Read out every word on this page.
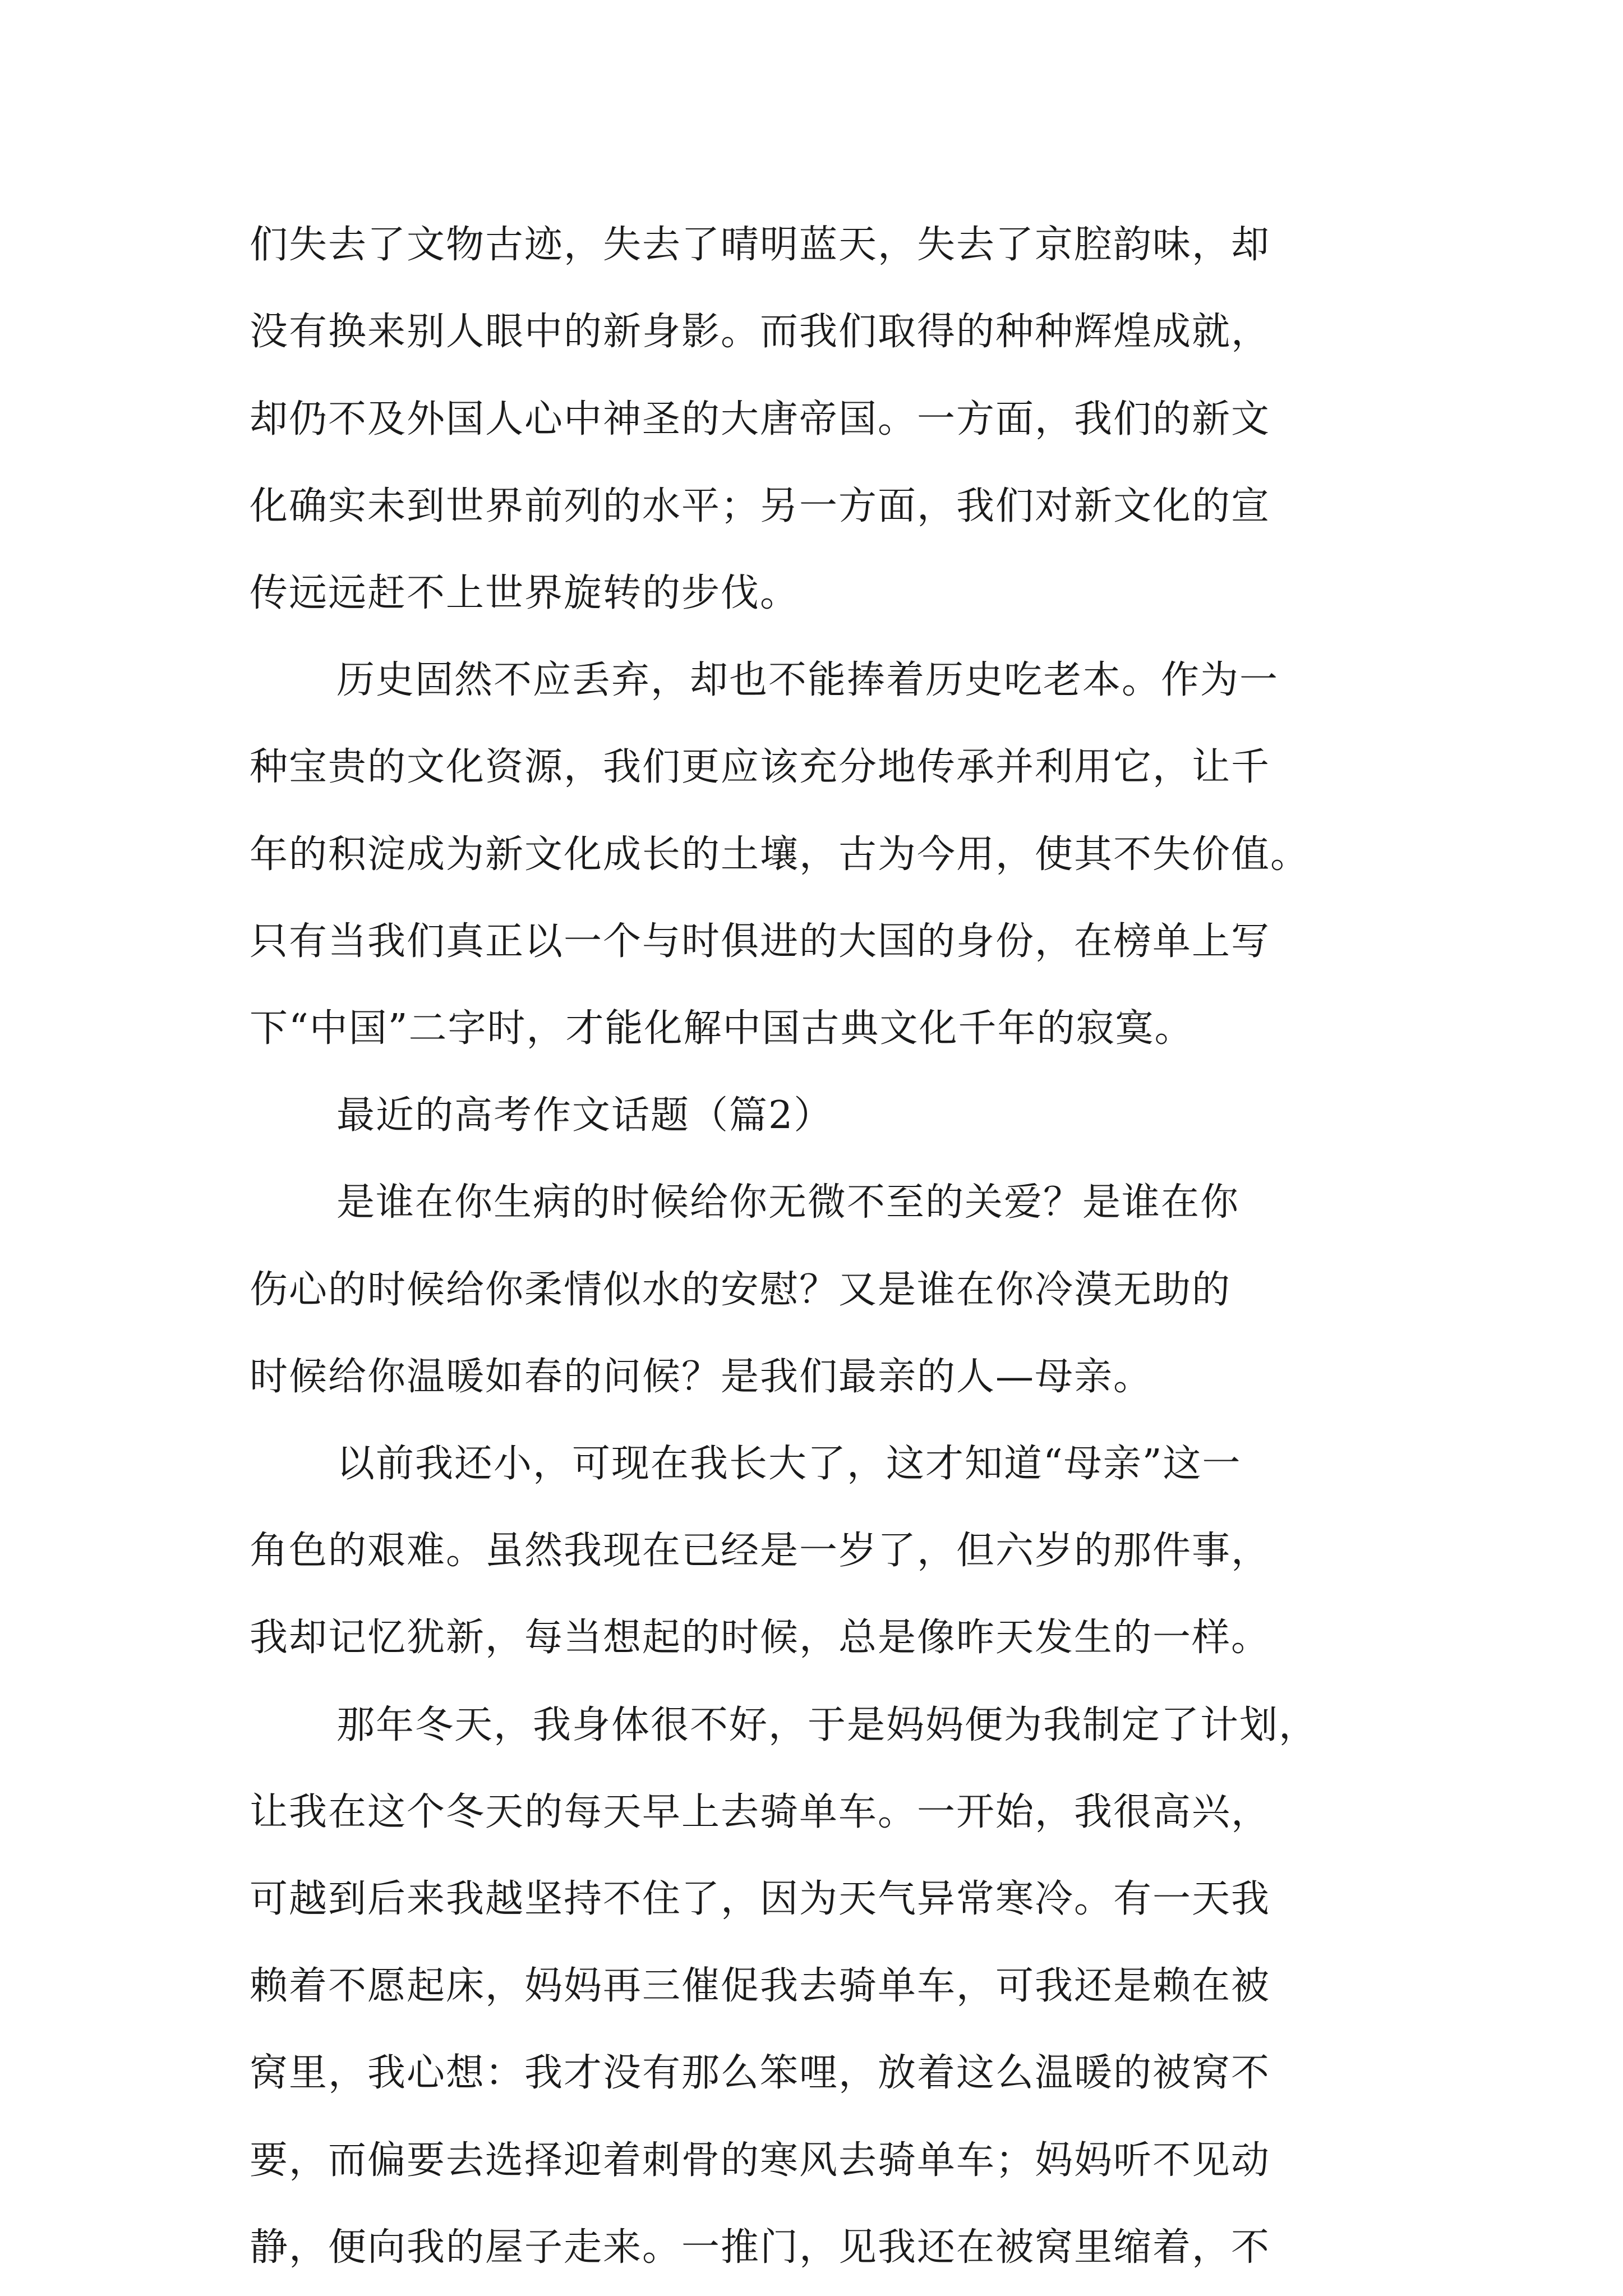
们失去了文物古迹，失去了晴明蓝天，失去了京腔韵味，却
没有换来别人眼中的新身影。而我们取得的种种辉煌成就，
却仍不及外国人心中神圣的大唐帝国。一方面，我们的新文
化确实未到世界前列的水平；另一方面，我们对新文化的宣
传远远赶不上世界旋转的步伐。
历史固然不应丢弃，却也不能捧着历史吃老本。作为一
种宝贵的文化资源，我们更应该充分地传承并利用它，让千
年的积淀成为新文化成长的土壤，古为今用，使其不失价值。
只有当我们真正以一个与时俱进的大国的身份，在榜单上写
下“中国”二字时，才能化解中国古典文化千年的寂寞。
最近的高考作文话题（篇2）
是谁在你生病的时候给你无微不至的关爱？是谁在你
伤心的时候给你柔情似水的安慰？又是谁在你冷漠无助的
时候给你温暖如春的问候？是我们最亲的人—母亲。
以前我还小，可现在我长大了，这才知道“母亲”这一
角色的艰难。虽然我现在已经是一岁了，但六岁的那件事，
我却记忆犹新，每当想起的时候，总是像昨天发生的一样。
那年冬天，我身体很不好，于是妈妈便为我制定了计划，
让我在这个冬天的每天早上去骑单车。一开始，我很高兴，
可越到后来我越坚持不住了，因为天气异常寒冷。有一天我
赖着不愿起床，妈妈再三催促我去骑单车，可我还是赖在被
窝里，我心想：我才没有那么笨哩，放着这么温暖的被窝不
要，而偏要去选择迎着刺骨的寒风去骑单车；妈妈听不见动
静，便向我的屋子走来。一推门，见我还在被窝里缩着，不
